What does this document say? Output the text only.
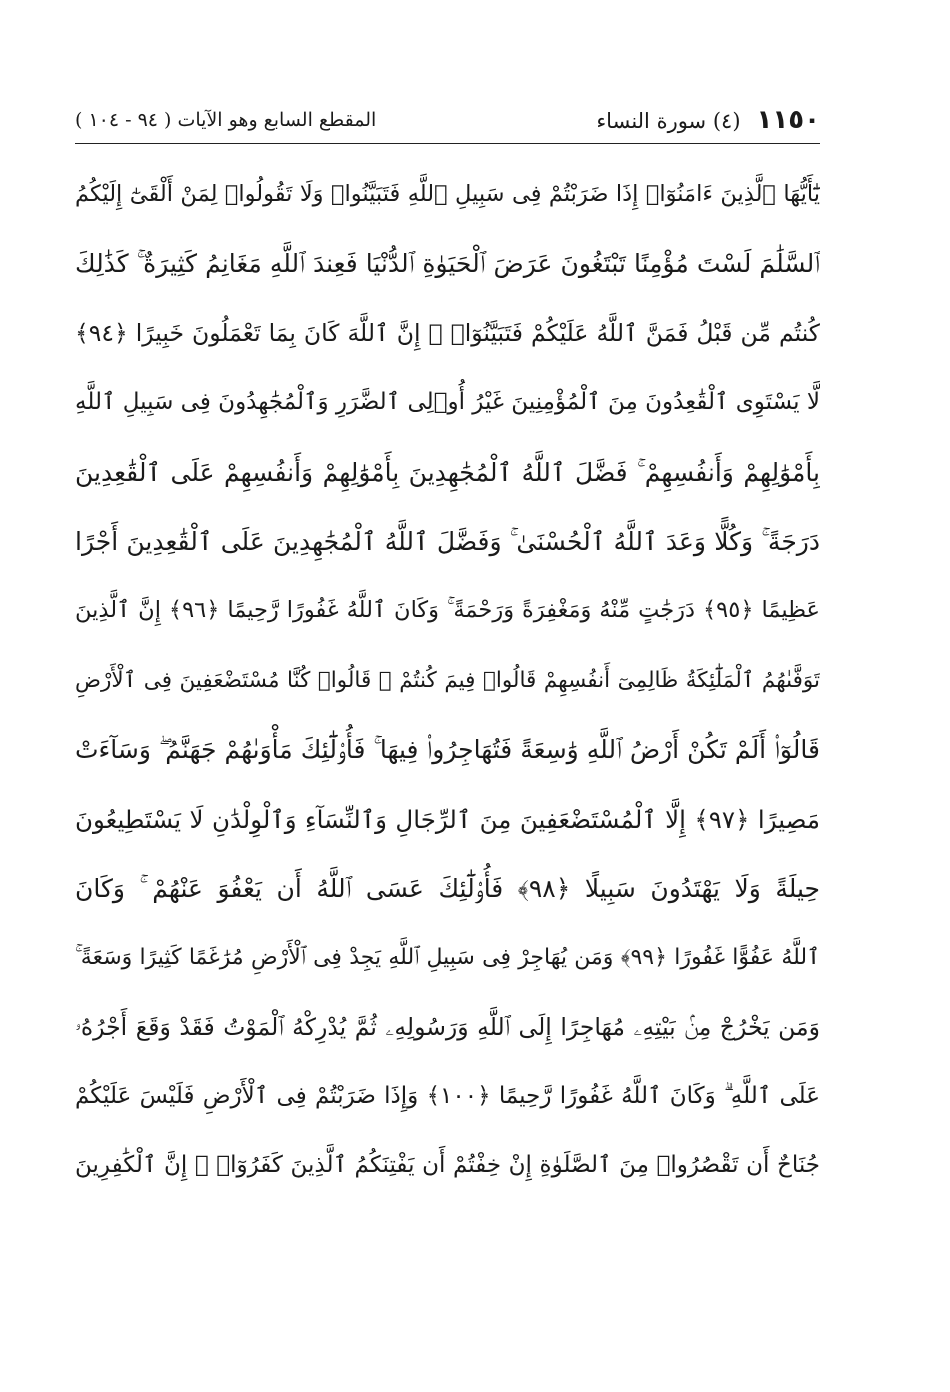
١١٥٠
(٤) سورة النساء
المقطع السابع وهو الآيات ( ٩٤ - ١٠٤ )
يَٰٓأَيُّهَا ٱلَّذِينَ ءَامَنُوٓا۟ إِذَا ضَرَبْتُمْ فِى سَبِيلِ ٱللَّهِ فَتَبَيَّنُوا۟ وَلَا تَقُولُوا۟ لِمَنْ أَلْقَىٰٓ إِلَيْكُمُ
ٱلسَّلَٰمَ لَسْتَ مُؤْمِنًا تَبْتَغُونَ عَرَضَ ٱلْحَيَوٰةِ ٱلدُّنْيَا فَعِندَ ٱللَّهِ مَغَانِمُ كَثِيرَةٌ ۚ كَذَٰلِكَ
كُنتُم مِّن قَبْلُ فَمَنَّ ٱللَّهُ عَلَيْكُمْ فَتَبَيَّنُوٓا۟ ۚ إِنَّ ٱللَّهَ كَانَ بِمَا تَعْمَلُونَ خَبِيرًا ﴿٩٤﴾
لَّا يَسْتَوِى ٱلْقَٰعِدُونَ مِنَ ٱلْمُؤْمِنِينَ غَيْرُ أُو۟لِى ٱلضَّرَرِ وَٱلْمُجَٰهِدُونَ فِى سَبِيلِ ٱللَّهِ
بِأَمْوَٰلِهِمْ وَأَنفُسِهِمْ ۚ فَضَّلَ ٱللَّهُ ٱلْمُجَٰهِدِينَ بِأَمْوَٰلِهِمْ وَأَنفُسِهِمْ عَلَى ٱلْقَٰعِدِينَ
دَرَجَةً ۚ وَكُلًّا وَعَدَ ٱللَّهُ ٱلْحُسْنَىٰ ۚ وَفَضَّلَ ٱللَّهُ ٱلْمُجَٰهِدِينَ عَلَى ٱلْقَٰعِدِينَ أَجْرًا
عَظِيمًا ﴿٩٥﴾ دَرَجَٰتٍ مِّنْهُ وَمَغْفِرَةً وَرَحْمَةً ۚ وَكَانَ ٱللَّهُ غَفُورًا رَّحِيمًا ﴿٩٦﴾ إِنَّ ٱلَّذِينَ
تَوَفَّىٰهُمُ ٱلْمَلَٰٓئِكَةُ ظَالِمِىٓ أَنفُسِهِمْ قَالُوا۟ فِيمَ كُنتُمْ ۖ قَالُوا۟ كُنَّا مُسْتَضْعَفِينَ فِى ٱلْأَرْضِ
قَالُوٓا۟ أَلَمْ تَكُنْ أَرْضُ ٱللَّهِ وَٰسِعَةً فَتُهَاجِرُوا۟ فِيهَا ۚ فَأُو۟لَٰٓئِكَ مَأْوَىٰهُمْ جَهَنَّمُ ۖ وَسَآءَتْ
مَصِيرًا ﴿٩٧﴾ إِلَّا ٱلْمُسْتَضْعَفِينَ مِنَ ٱلرِّجَالِ وَٱلنِّسَآءِ وَٱلْوِلْدَٰنِ لَا يَسْتَطِيعُونَ
حِيلَةً وَلَا يَهْتَدُونَ سَبِيلًا ﴿٩٨﴾ فَأُو۟لَٰٓئِكَ عَسَى ٱللَّهُ أَن يَعْفُوَ عَنْهُمْ ۚ وَكَانَ
ٱللَّهُ عَفُوًّا غَفُورًا ﴿٩٩﴾ وَمَن يُهَاجِرْ فِى سَبِيلِ ٱللَّهِ يَجِدْ فِى ٱلْأَرْضِ مُرَٰغَمًا كَثِيرًا وَسَعَةً ۚ
وَمَن يَخْرُجْ مِنۢ بَيْتِهِۦ مُهَاجِرًا إِلَى ٱللَّهِ وَرَسُولِهِۦ ثُمَّ يُدْرِكْهُ ٱلْمَوْتُ فَقَدْ وَقَعَ أَجْرُهُۥ
عَلَى ٱللَّهِ ۗ وَكَانَ ٱللَّهُ غَفُورًا رَّحِيمًا ﴿١٠٠﴾ وَإِذَا ضَرَبْتُمْ فِى ٱلْأَرْضِ فَلَيْسَ عَلَيْكُمْ
جُنَاحٌ أَن تَقْصُرُوا۟ مِنَ ٱلصَّلَوٰةِ إِنْ خِفْتُمْ أَن يَفْتِنَكُمُ ٱلَّذِينَ كَفَرُوٓا۟ ۚ إِنَّ ٱلْكَٰفِرِينَ
